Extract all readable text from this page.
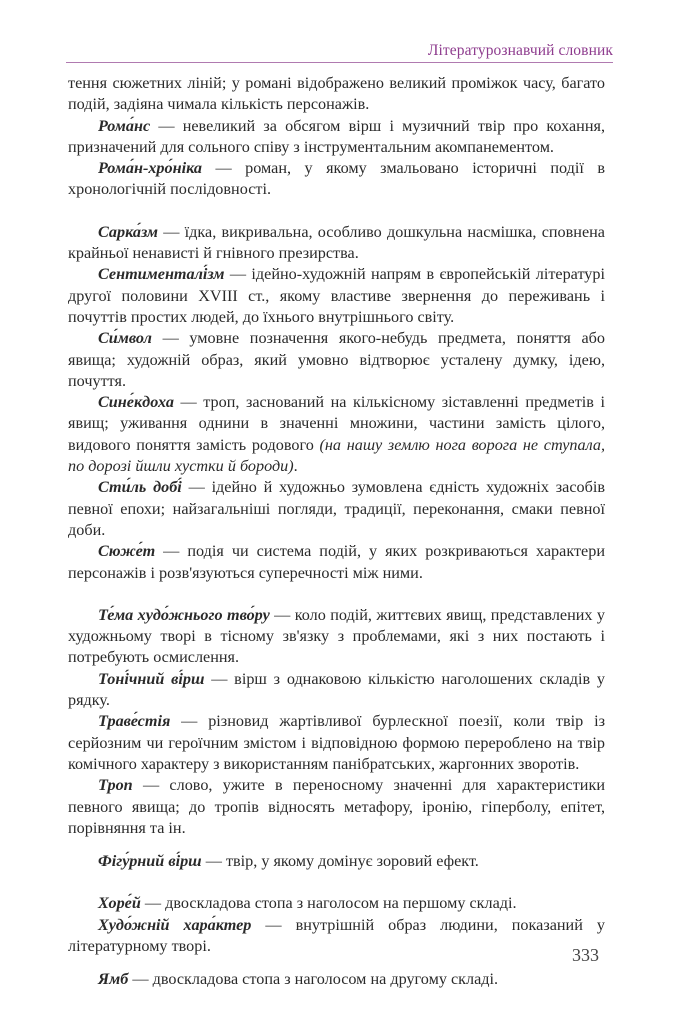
Літературознавчий словник

тення сюжетних ліній; у романі відображено великий проміжок часу, багато подій, задіяна чимала кількість персонажів.

Рома́нс — невеликий за обсягом вірш і музичний твір про кохання, призначений для сольного співу з інструментальним акомпанементом.

Рома́н-хро́ніка — роман, у якому змальовано історичні події в хронологічній послідовності.

Сарка́зм — їдка, викривальна, особливо дошкульна насмішка, сповнена крайньої ненависті й гнівного презирства.

Сентименталі́зм — ідейно-художній напрям в європейській літературі другої половини XVIII ст., якому властиве звернення до переживань і почуттів простих людей, до їхнього внутрішнього світу.

Си́мвол — умовне позначення якого-небудь предмета, поняття або явища; художній образ, який умовно відтворює усталену думку, ідею, почуття.

Сине́кдоха — троп, заснований на кількісному зіставленні предметів і явищ; уживання однини в значенні множини, частини замість цілого, видового поняття замість родового (на нашу землю нога ворога не ступала, по дорозі йшли хустки й бороди).

Сти́ль добі́ — ідейно й художньо зумовлена єдність художніх засобів певної епохи; найзагальніші погляди, традиції, переконання, смаки певної доби.

Сюже́т — подія чи система подій, у яких розкриваються характери персонажів і розв'язуються суперечності між ними.

Те́ма худо́жнього тво́ру — коло подій, життєвих явищ, представлених у художньому творі в тісному зв'язку з проблемами, які з них постають і потребують осмислення.

Тоні́чний ві́рш — вірш з однаковою кількістю наголошених складів у рядку.

Траве́стія — різновид жартівливої бурлескної поезії, коли твір із серйозним чи героїчним змістом і відповідною формою перероблено на твір комічного характеру з використанням панібратських, жаргонних зворотів.

Троп — слово, ужите в переносному значенні для характеристики певного явища; до тропів відносять метафору, іронію, гіперболу, епітет, порівняння та ін.

Фігу́рний ві́рш — твір, у якому домінує зоровий ефект.

Хоре́й — двоскладова стопа з наголосом на першому складі.

Худо́жній хара́ктер — внутрішній образ людини, показаний у літературному творі.

Ямб — двоскладова стопа з наголосом на другому складі.

333
